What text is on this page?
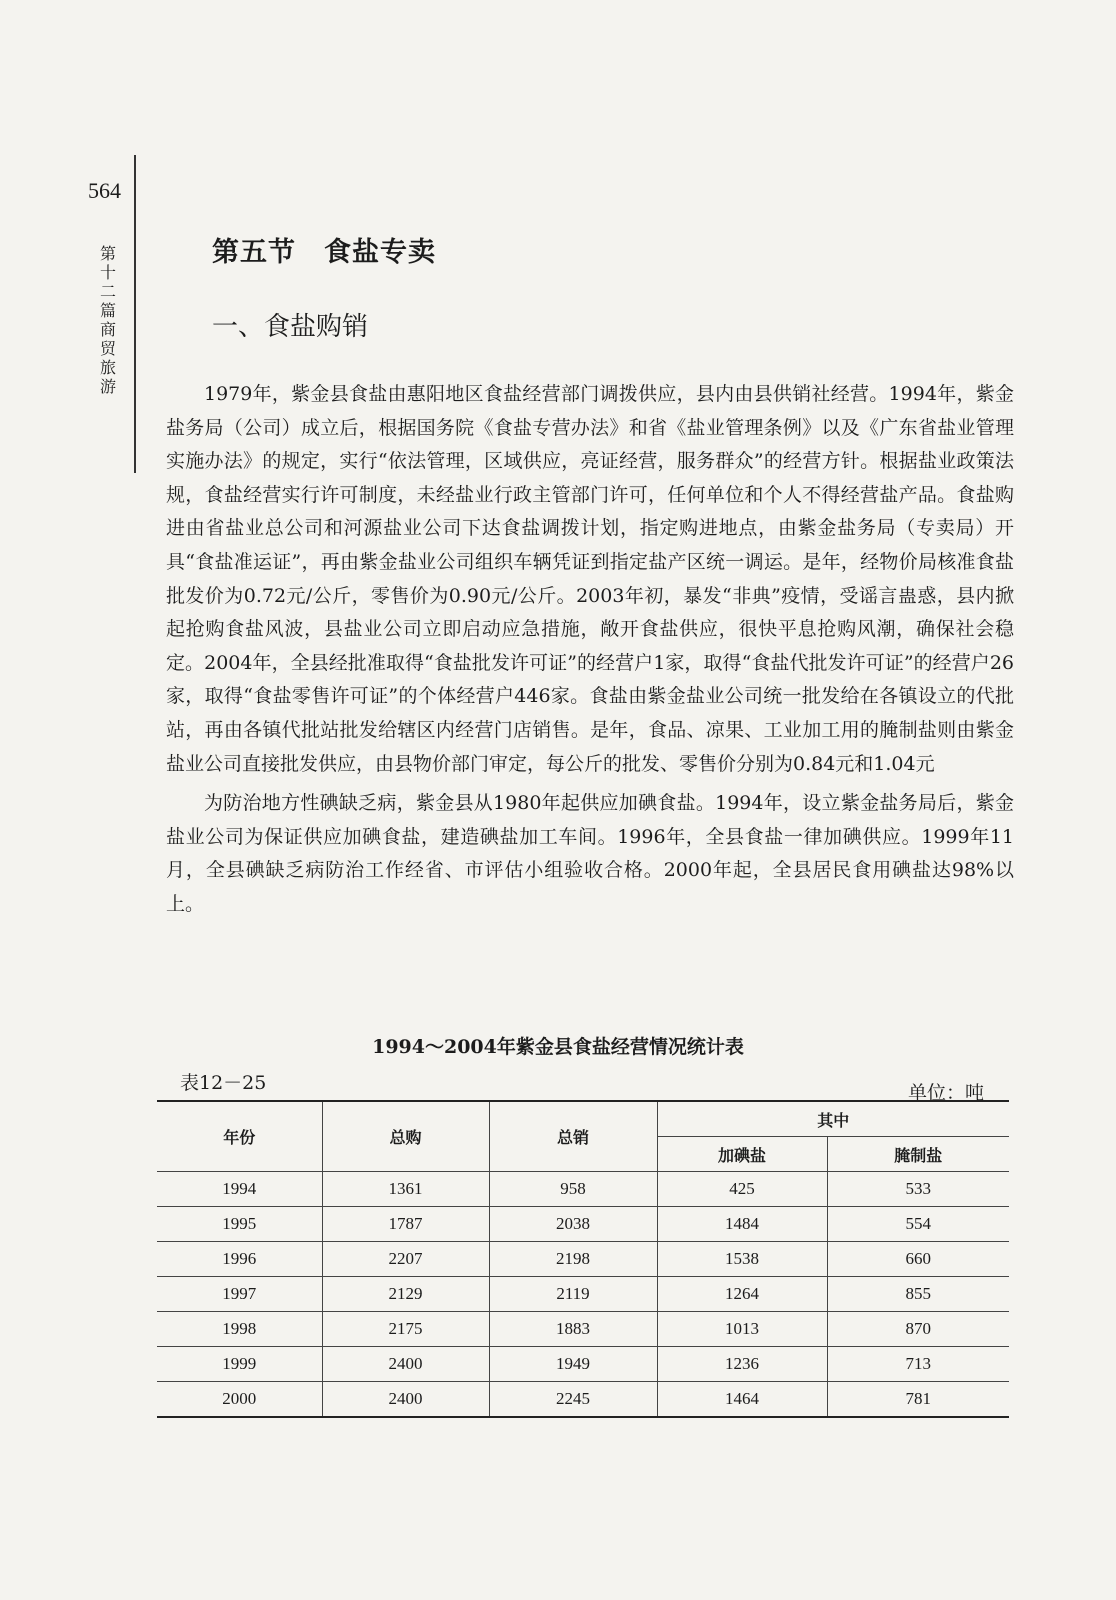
564
第十二篇 商贸 旅游
第五节　食盐专卖
一、食盐购销

1979年，紫金县食盐由惠阳地区食盐经营部门调拨供应，县内由县供销社经营。1994年，紫金盐务局（公司）成立后，根据国务院《食盐专营办法》和省《盐业管理条例》以及《广东省盐业管理实施办法》的规定，实行“依法管理，区域供应，亮证经营，服务群众”的经营方针。根据盐业政策法规，食盐经营实行许可制度，未经盐业行政主管部门许可，任何单位和个人不得经营盐产品。食盐购进由省盐业总公司和河源盐业公司下达食盐调拨计划，指定购进地点，由紫金盐务局（专卖局）开具“食盐准运证”，再由紫金盐业公司组织车辆凭证到指定盐产区统一调运。是年，经物价局核准食盐批发价为0.72元/公斤，零售价为0.90元/公斤。2003年初，暴发“非典”疫情，受谣言蛊惑，县内掀起抢购食盐风波，县盐业公司立即启动应急措施，敞开食盐供应，很快平息抢购风潮，确保社会稳定。2004年，全县经批准取得“食盐批发许可证”的经营户1家，取得“食盐代批发许可证”的经营户26家，取得“食盐零售许可证”的个体经营户446家。食盐由紫金盐业公司统一批发给在各镇设立的代批站，再由各镇代批站批发给辖区内经营门店销售。是年，食品、凉果、工业加工用的腌制盐则由紫金盐业公司直接批发供应，由县物价部门审定，每公斤的批发、零售价分别为0.84元和1.04元

为防治地方性碘缺乏病，紫金县从1980年起供应加碘食盐。1994年，设立紫金盐务局后，紫金盐业公司为保证供应加碘食盐，建造碘盐加工车间。1996年，全县食盐一律加碘供应。1999年11月，全县碘缺乏病防治工作经省、市评估小组验收合格。2000年起，全县居民食用碘盐达98%以上。

1994～2004年紫金县食盐经营情况统计表
表12－25	单位：吨
年份	总购	总销	其中	
			加碘盐	腌制盐
1994	1361	958	425	533
1995	1787	2038	1484	554
1996	2207	2198	1538	660
1997	2129	2119	1264	855
1998	2175	1883	1013	870
1999	2400	1949	1236	713
2000	2400	2245	1464	781
